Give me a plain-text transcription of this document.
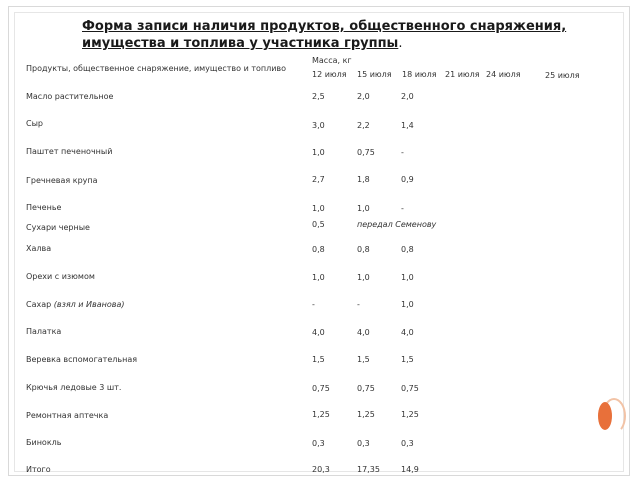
Форма записи наличия продуктов, общественного снаряжения,
имущества и топлива у участника группы.
Продукты, общественное снаряжение, имущество и топливо
Масса, кг
12 июля 15 июля 18 июля 21 июля 24 июля	25 июля
Масло растительное	2,5	2,0	2,0
Сыр	3,0	2,2	1,4
Паштет печеночный	1,0	0,75	-
Гречневая крупа	2,7	1,8	0,9
Печенье	1,0	1,0	-
Сухари черные	0,5	передал Семенову
Халва	0,8	0,8	0,8
Орехи с изюмом	1,0	1,0	1,0
Сахар (взял и Иванова)	-	-	1,0
Палатка	4,0	4,0	4,0
Веревка вспомогательная	1,5	1,5	1,5
Крючья ледовые 3 шт.	0,75	0,75	0,75
Ремонтная аптечка	1,25	1,25	1,25
Бинокль	0,3	0,3	0,3
Итого	20,3	17,35	14,9
